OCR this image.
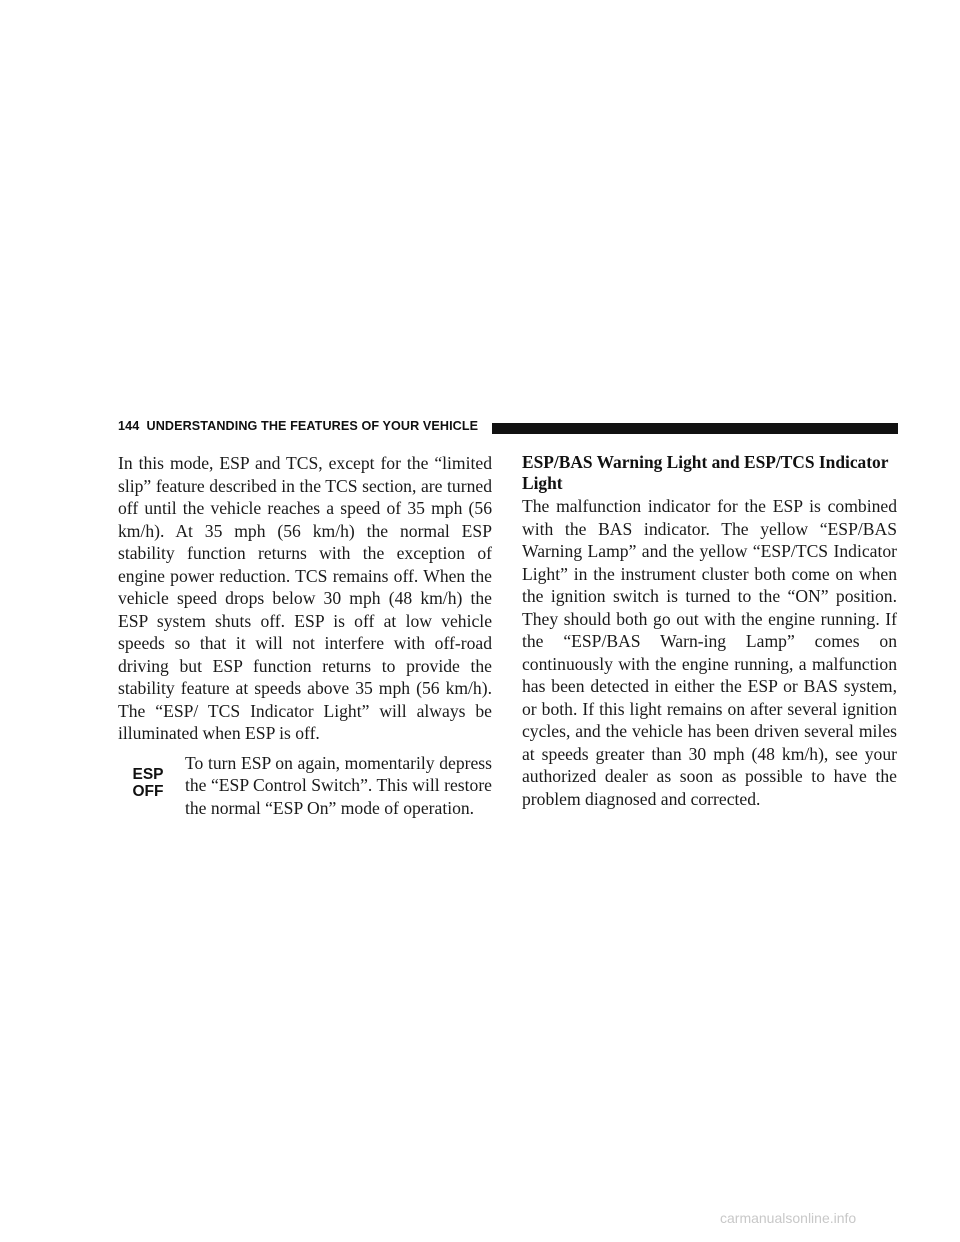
144 UNDERSTANDING THE FEATURES OF YOUR VEHICLE

In this mode, ESP and TCS, except for the “limited slip” feature described in the TCS section, are turned off until the vehicle reaches a speed of 35 mph (56 km/h). At 35 mph (56 km/h) the normal ESP stability function returns with the exception of engine power reduction. TCS remains off. When the vehicle speed drops below 30 mph (48 km/h) the ESP system shuts off. ESP is off at low vehicle speeds so that it will not interfere with off-road driving but ESP function returns to provide the stability feature at speeds above 35 mph (56 km/h). The “ESP/ TCS Indicator Light” will always be illuminated when ESP is off.

ESP
OFF

To turn ESP on again, momentarily depress the “ESP Control Switch”. This will restore the normal “ESP On” mode of operation.

ESP/BAS Warning Light and ESP/TCS Indicator
Light

The malfunction indicator for the ESP is combined with the BAS indicator. The yellow “ESP/BAS Warning Lamp” and the yellow “ESP/TCS Indicator Light” in the instrument cluster both come on when the ignition switch is turned to the “ON” position. They should both go out with the engine running. If the “ESP/BAS Warn-ing Lamp” comes on continuously with the engine running, a malfunction has been detected in either the ESP or BAS system, or both. If this light remains on after several ignition cycles, and the vehicle has been driven several miles at speeds greater than 30 mph (48 km/h), see your authorized dealer as soon as possible to have the problem diagnosed and corrected.

carmanualsonline.info
